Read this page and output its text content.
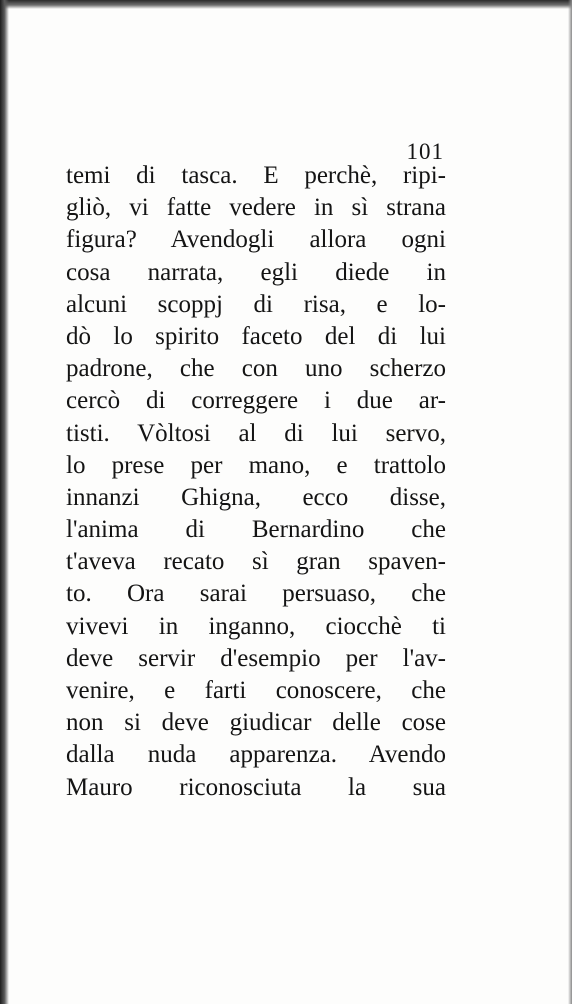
101
temi di tasca. E perchè, ripi-
gliò, vi fatte vedere in sì strana
figura? Avendogli allora ogni
cosa narrata, egli diede in
alcuni scoppj di risa, e lo-
dò lo spirito faceto del di lui
padrone, che con uno scherzo
cercò di correggere i due ar-
tisti. Vòltosi al di lui servo,
lo prese per mano, e trattolo
innanzi Ghigna, ecco disse,
l'anima di Bernardino che
t'aveva recato sì gran spaven-
to. Ora sarai persuaso, che
vivevi in inganno, ciocchè ti
deve servir d'esempio per l'av-
venire, e farti conoscere, che
non si deve giudicar delle cose
dalla nuda apparenza. Avendo
Mauro riconosciuta la sua
